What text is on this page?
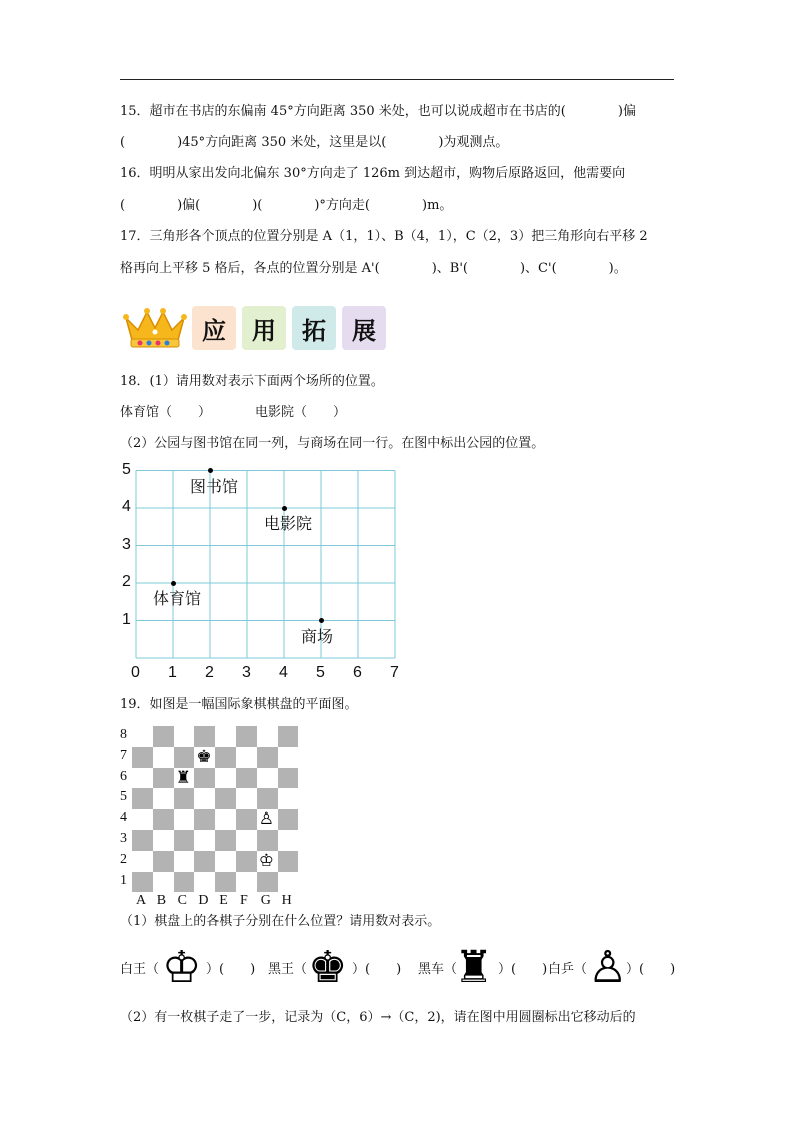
15．超市在书店的东偏南 45°方向距离 350 米处，也可以说成超市在书店的(　　　　)偏
(　　　　)45°方向距离 350 米处，这里是以(　　　　)为观测点。
16．明明从家出发向北偏东 30°方向走了 126m 到达超市，购物后原路返回，他需要向
(　　　　)偏(　　　　)(　　　　)°方向走(　　　　)m。
17．三角形各个顶点的位置分别是 A（1，1）、B（4，1），C（2，3）把三角形向右平移 2
格再向上平移 5 格后，各点的位置分别是 A'(　　　　)、B'(　　　　)、C'(　　　　)。
应	用	拓	展
18．(1）请用数对表示下面两个场所的位置。
体育馆（　　）	电影院（　　）
（2）公园与图书馆在同一列，与商场在同一行。在图中标出公园的位置。
0 1 2 3 4 5 6 7
1
2
3
4
5
图书馆
电影院
体育馆
商场
19．如图是一幅国际象棋棋盘的平面图。
8
7
6
5
4
3
2
1
A B C D E F G H
♚
♜
♙
♔
（1）棋盘上的各棋子分别在什么位置？请用数对表示。
白王（ ♔ ）(　　) 黑王（ ♚ ）(　　) 黑车（
♜ ）(　　) 白乒（ ♙
）(　　)
（2）有一枚棋子走了一步，记录为（C，6）→（C，2)，请在图中用圆圈标出它移动后的
